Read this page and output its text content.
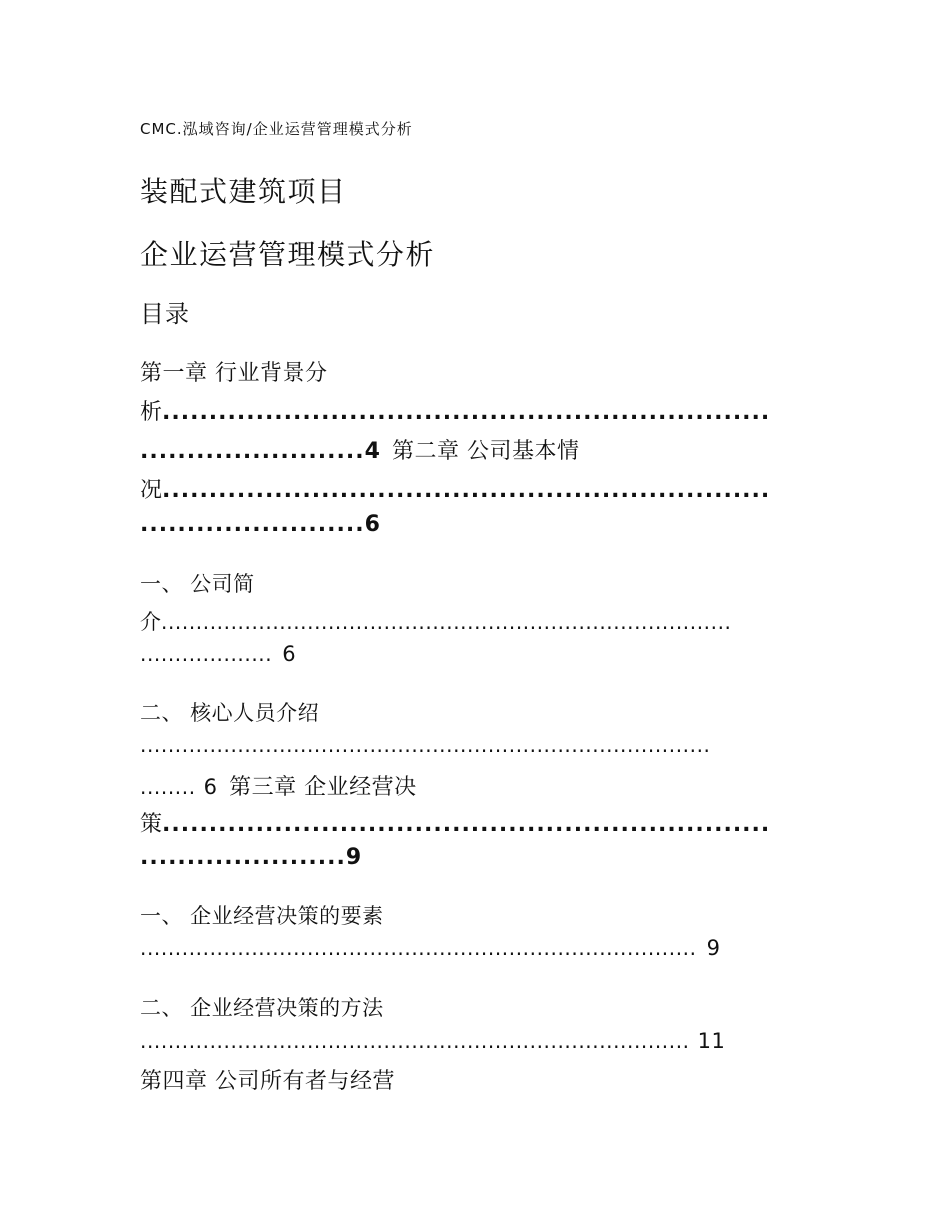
CMC.泓域咨询/企业运营管理模式分析
装配式建筑项目
企业运营管理模式分析
目录
第一章 行业背景分
析.................................................................
........................4 第二章 公司基本情
况.................................................................
........................6
一、 公司简
介..................................................................................
................... 6
二、 核心人员介绍
..................................................................................
........ 6 第三章 企业经营决
策.................................................................
......................9
一、 企业经营决策的要素
................................................................................ 9
二、 企业经营决策的方法
............................................................................... 11
第四章 公司所有者与经营
